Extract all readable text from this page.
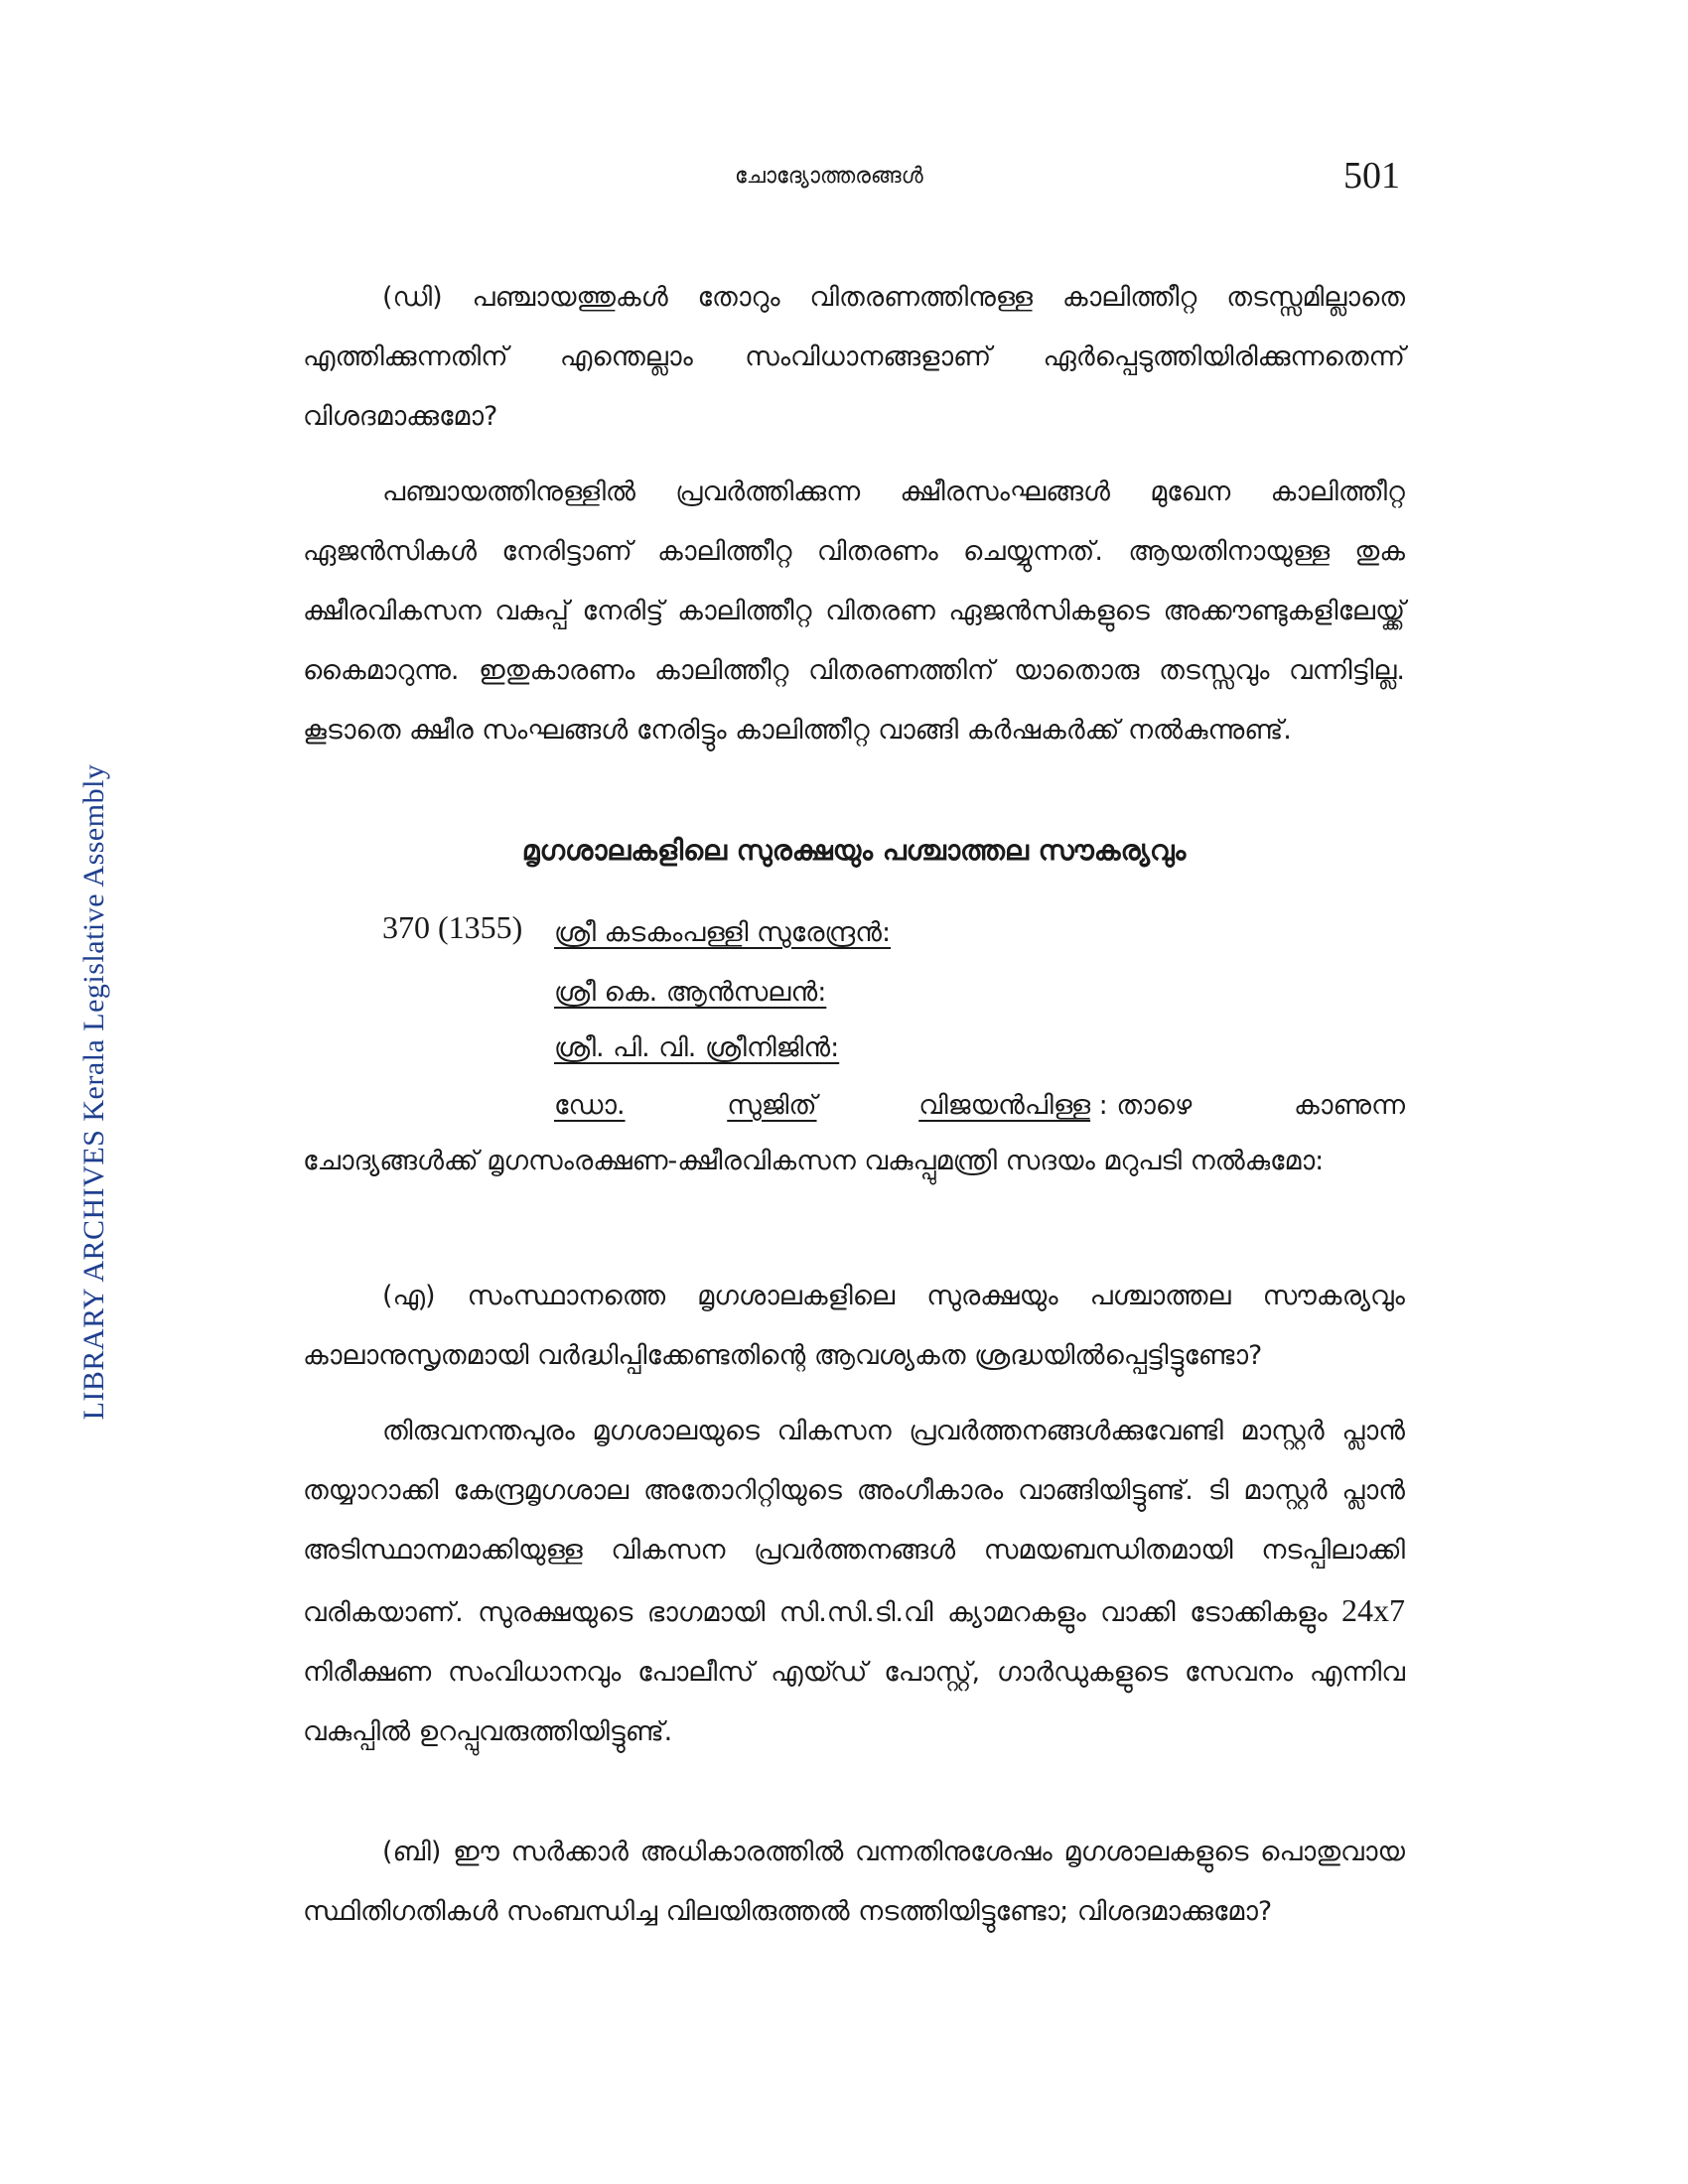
LIBRARY ARCHIVES Kerala Legislative Assembly
ചോദ്യോത്തരങ്ങൾ	501

(ഡി) പഞ്ചായത്തുകൾ തോറും വിതരണത്തിനുള്ള കാലിത്തീറ്റ തടസ്സമില്ലാതെ എത്തിക്കുന്നതിന് എന്തെല്ലാം സംവിധാനങ്ങളാണ് ഏർപ്പെടുത്തിയിരിക്കുന്നതെന്ന് വിശദമാക്കുമോ?

പഞ്ചായത്തിനുള്ളിൽ പ്രവർത്തിക്കുന്ന ക്ഷീരസംഘങ്ങൾ മുഖേന കാലിത്തീറ്റ ഏജൻസികൾ നേരിട്ടാണ് കാലിത്തീറ്റ വിതരണം ചെയ്യുന്നത്. ആയതിനായുള്ള തുക ക്ഷീരവികസന വകുപ്പ് നേരിട്ട് കാലിത്തീറ്റ വിതരണ ഏജൻസികളുടെ അക്കൗണ്ടുകളിലേയ്ക്ക് കൈമാറുന്നു. ഇതുകാരണം കാലിത്തീറ്റ വിതരണത്തിന് യാതൊരു തടസ്സവും വന്നിട്ടില്ല. കൂടാതെ ക്ഷീര സംഘങ്ങൾ നേരിട്ടും കാലിത്തീറ്റ വാങ്ങി കർഷകർക്ക് നൽകുന്നുണ്ട്.

മൃഗശാലകളിലെ സുരക്ഷയും പശ്ചാത്തല സൗകര്യവും
370 (1355) ശ്രീ കടകംപള്ളി സുരേന്ദ്രൻ:
ശ്രീ കെ. ആൻസലൻ:
ശ്രീ. പി. വി. ശ്രീനിജിൻ:
ഡോ.	സുജിത്	വിജയൻപിള്ള : താഴെ	കാണുന്ന

ചോദ്യങ്ങൾക്ക് മൃഗസംരക്ഷണ-ക്ഷീരവികസന വകുപ്പുമന്ത്രി സദയം മറുപടി നൽകുമോ:

(എ) സംസ്ഥാനത്തെ മൃഗശാലകളിലെ സുരക്ഷയും പശ്ചാത്തല സൗകര്യവും കാലാനുസൃതമായി വർദ്ധിപ്പിക്കേണ്ടതിന്റെ ആവശ്യകത ശ്രദ്ധയിൽപ്പെട്ടിട്ടുണ്ടോ?

തിരുവനന്തപുരം മൃഗശാലയുടെ വികസന പ്രവർത്തനങ്ങൾക്കുവേണ്ടി മാസ്റ്റർ പ്ലാൻ തയ്യാറാക്കി കേന്ദ്രമൃഗശാല അതോറിറ്റിയുടെ അംഗീകാരം വാങ്ങിയിട്ടുണ്ട്. ടി മാസ്റ്റർ പ്ലാൻ അടിസ്ഥാനമാക്കിയുള്ള വികസന പ്രവർത്തനങ്ങൾ സമയബന്ധിതമായി നടപ്പിലാക്കി വരികയാണ്. സുരക്ഷയുടെ ഭാഗമായി സി.സി.ടി.വി ക്യാമറകളും വാക്കി ടോക്കികളും 24x7 നിരീക്ഷണ സംവിധാനവും പോലീസ് എയ്ഡ് പോസ്റ്റ്, ഗാർഡുകളുടെ സേവനം എന്നിവ വകുപ്പിൽ ഉറപ്പുവരുത്തിയിട്ടുണ്ട്.

(ബി) ഈ സർക്കാർ അധികാരത്തിൽ വന്നതിനുശേഷം മൃഗശാലകളുടെ പൊതുവായ സ്ഥിതിഗതികൾ സംബന്ധിച്ച വിലയിരുത്തൽ നടത്തിയിട്ടുണ്ടോ; വിശദമാക്കുമോ?
